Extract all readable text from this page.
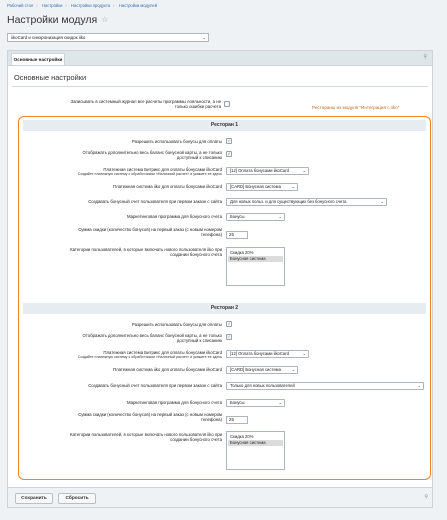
Рабочий стол › Настройки › Настройки продукта › Настройки модулей
Настройки модуля ☆
iikoCard и синхронизация скидок iiko	⌄
Основные настройки	⚲
Основные настройки
Записывать в системный журнал все расчеты программы лояльности, а не
только ошибки расчета	Рестораны из модуля "Интеграция с iiko"
Ресторан 1
Разрешить использовать бонусы для оплаты	✓
Отображать дополнительно весь баланс бонусной карты, а не только
доступный к списанию
✓
Платежная система Битрикс для оплаты бонусами iikoCard
Создайте платежную систему с обработчиком «Наличный расчет» и укажите ее здесь
[12] Оплата бонусами iikoCard	⌄
Платежная система iiko для оплаты бонусами iikoCard	[CARD] Бонусная система	⌄
Создавать бонусный счет пользователя при первом заказе с сайта	Для новых польз. и для существующих без бонусного счета	⌄
Маркетинговая программа для бонусного счета	Бонусы	⌄
Сумма скидки (количество бонусов) на первый заказ (с новым номером
телефона)	25
Категории пользователей, в которые включать нового пользователя iiko при
создании бонусного счета	Скидка 20%
Бонусная система
Ресторан 2
Разрешить использовать бонусы для оплаты	✓
Отображать дополнительно весь баланс бонусной карты, а не только
доступный к списанию
✓
Платежная система Битрикс для оплаты бонусами iikoCard
Создайте платежную систему с обработчиком «Наличный расчет» и укажите ее здесь
[12] Оплата бонусами iikoCard	⌄
Платежная система iiko для оплаты бонусами iikoCard	[CARD] Бонусная система	⌄
Создавать бонусный счет пользователя при первом заказе с сайта	Только для новых пользователей	⌄
Маркетинговая программа для бонусного счета	Бонусы	⌄
Сумма скидки (количество бонусов) на первый заказ (с новым номером
телефона)	25
Категории пользователей, в которые включать нового пользователя iiko при
создании бонусного счета
Скидка 20%
Бонусная система
Сохранить	Сбросить	⚲
